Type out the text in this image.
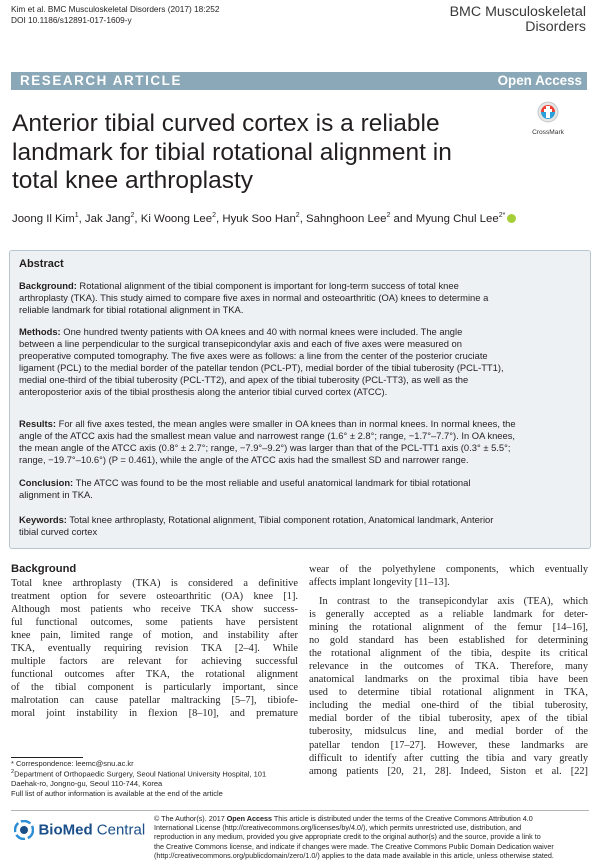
Kim et al. BMC Musculoskeletal Disorders (2017) 18:252
DOI 10.1186/s12891-017-1609-y	BMC Musculoskeletal
Disorders
RESEARCH ARTICLE	Open Access
CrossMark
Anterior tibial curved cortex is a reliable
landmark for tibial rotational alignment in
total knee arthroplasty
Joong Il Kim$^1$, Jak Jang$^2$, Ki Woong Lee$^2$, Hyuk Soo Han$^2$, Sahnghoon Lee$^2$ and Myung Chul Lee$^{2*}$
Abstract
Background: Rotational alignment of the tibial component is important for long-term success of total knee
arthroplasty (TKA). This study aimed to compare five axes in normal and osteoarthritic (OA) knees to determine a
reliable landmark for tibial rotational alignment in TKA.
Methods: One hundred twenty patients with OA knees and 40 with normal knees were included. The angle
between a line perpendicular to the surgical transepicondylar axis and each of five axes were measured on
preoperative computed tomography. The five axes were as follows: a line from the center of the posterior cruciate
ligament (PCL) to the medial border of the patellar tendon (PCL-PT), medial border of the tibial tuberosity (PCL-TT1),
medial one-third of the tibial tuberosity (PCL-TT2), and apex of the tibial tuberosity (PCL-TT3), as well as the
anteroposterior axis of the tibial prosthesis along the anterior tibial curved cortex (ATCC).
Results: For all five axes tested, the mean angles were smaller in OA knees than in normal knees. In normal knees, the
angle of the ATCC axis had the smallest mean value and narrowest range (1.6° ± 2.8°; range, −1.7°–7.7°). In OA knees,
the mean angle of the ATCC axis (0.8° ± 2.7°; range, −7.9°–9.2°) was larger than that of the PCL-TT1 axis (0.3° ± 5.5°;
range, −19.7°–10.6°) (P = 0.461), while the angle of the ATCC axis had the smallest SD and narrower range.
Conclusion: The ATCC was found to be the most reliable and useful anatomical landmark for tibial rotational
alignment in TKA.
Keywords: Total knee arthroplasty, Rotational alignment, Tibial component rotation, Anatomical landmark, Anterior
tibial curved cortex
Background
Total knee arthroplasty (TKA) is considered a definitive
treatment option for severe osteoarthritic (OA) knee [1].
Although most patients who receive TKA show success-
ful functional outcomes, some patients have persistent
knee pain, limited range of motion, and instability after
TKA, eventually requiring revision TKA [2–4]. While
multiple factors are relevant for achieving successful
functional outcomes after TKA, the rotational alignment
of the tibial component is particularly important, since
malrotation can cause patellar maltracking [5–7], tibiofe-
moral joint instability in flexion [8–10], and premature
wear of the polyethylene components, which eventually
affects implant longevity [11–13].
In contrast to the transepicondylar axis (TEA), which
is generally accepted as a reliable landmark for deter-
mining the rotational alignment of the femur [14–16],
no gold standard has been established for determining
the rotational alignment of the tibia, despite its critical
relevance in the outcomes of TKA. Therefore, many
anatomical landmarks on the proximal tibia have been
used to determine tibial rotational alignment in TKA,
including the medial one-third of the tibial tuberosity,
medial border of the tibial tuberosity, apex of the tibial
tuberosity, midsulcus line, and medial border of the
patellar tendon [17–27]. However, these landmarks are
difficult to identify after cutting the tibia and vary greatly
among patients [20, 21, 28]. Indeed, Siston et al. [22]
* Correspondence: leemc@snu.ac.kr
$^2$Department of Orthopaedic Surgery, Seoul National University Hospital, 101
Daehak-ro, Jongno-gu, Seoul 110-744, Korea
Full list of author information is available at the end of the article
BioMed Central
© The Author(s). 2017 Open Access This article is distributed under the terms of the Creative Commons Attribution 4.0
International License (http://creativecommons.org/licenses/by/4.0/), which permits unrestricted use, distribution, and
reproduction in any medium, provided you give appropriate credit to the original author(s) and the source, provide a link to
the Creative Commons license, and indicate if changes were made. The Creative Commons Public Domain Dedication waiver
(http://creativecommons.org/publicdomain/zero/1.0/) applies to the data made available in this article, unless otherwise stated.
